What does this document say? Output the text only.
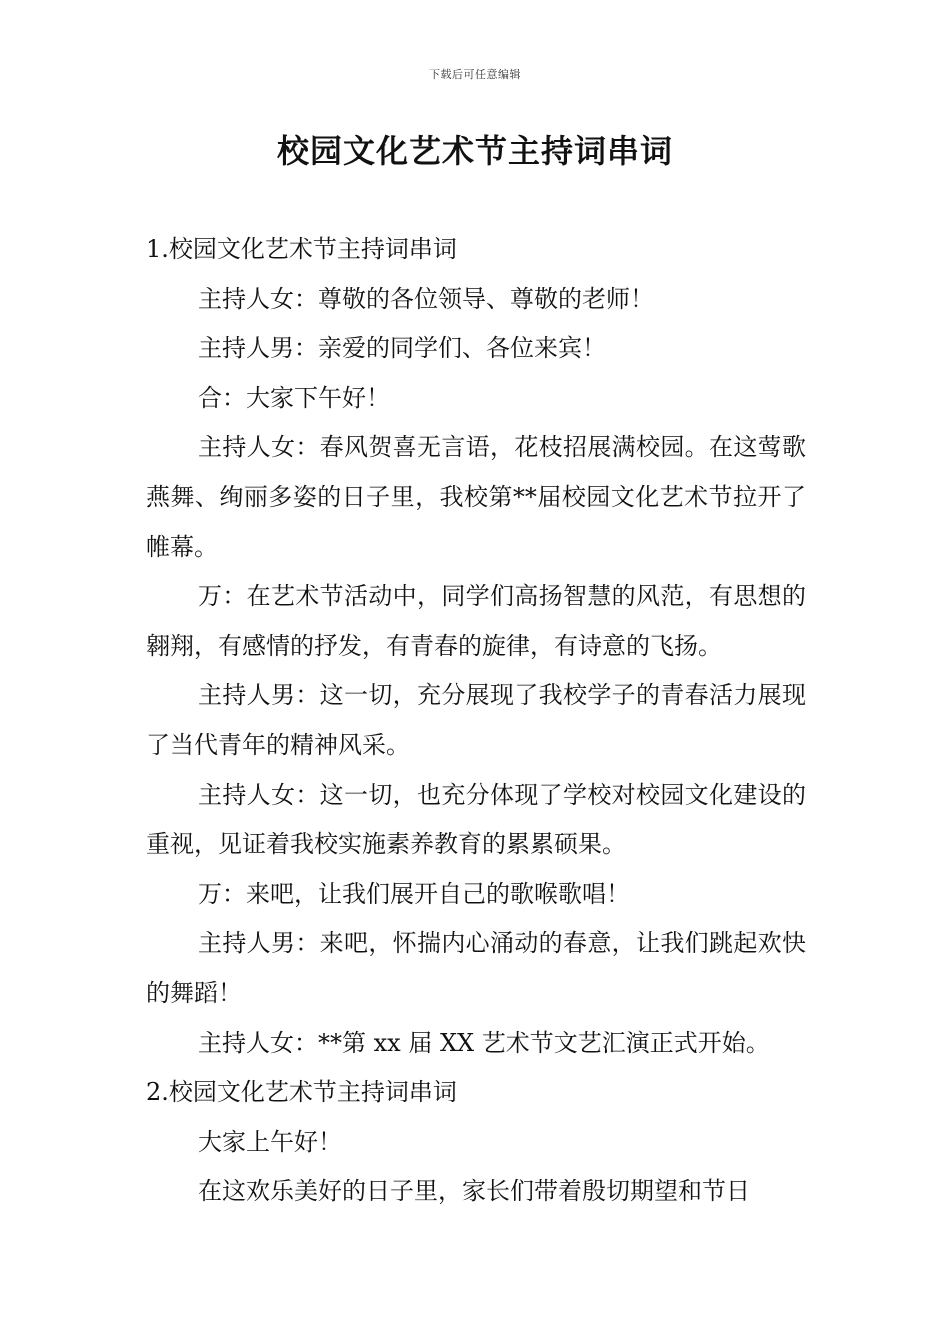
下载后可任意编辑
校园文化艺术节主持词串词

1.校园文化艺术节主持词串词

主持人女：尊敬的各位领导、尊敬的老师！

主持人男：亲爱的同学们、各位来宾！

合：大家下午好！

主持人女：春风贺喜无言语，花枝招展满校园。在这莺歌燕舞、绚丽多姿的日子里，我校第**届校园文化艺术节拉开了帷幕。

万：在艺术节活动中，同学们高扬智慧的风范，有思想的翱翔，有感情的抒发，有青春的旋律，有诗意的飞扬。

主持人男：这一切，充分展现了我校学子的青春活力展现了当代青年的精神风采。

主持人女：这一切，也充分体现了学校对校园文化建设的重视，见证着我校实施素养教育的累累硕果。

万：来吧，让我们展开自己的歌喉歌唱！

主持人男：来吧，怀揣内心涌动的春意，让我们跳起欢快的舞蹈！

主持人女：**第 xx 届 XX 艺术节文艺汇演正式开始。

2.校园文化艺术节主持词串词

大家上午好！

在这欢乐美好的日子里，家长们带着殷切期望和节日
